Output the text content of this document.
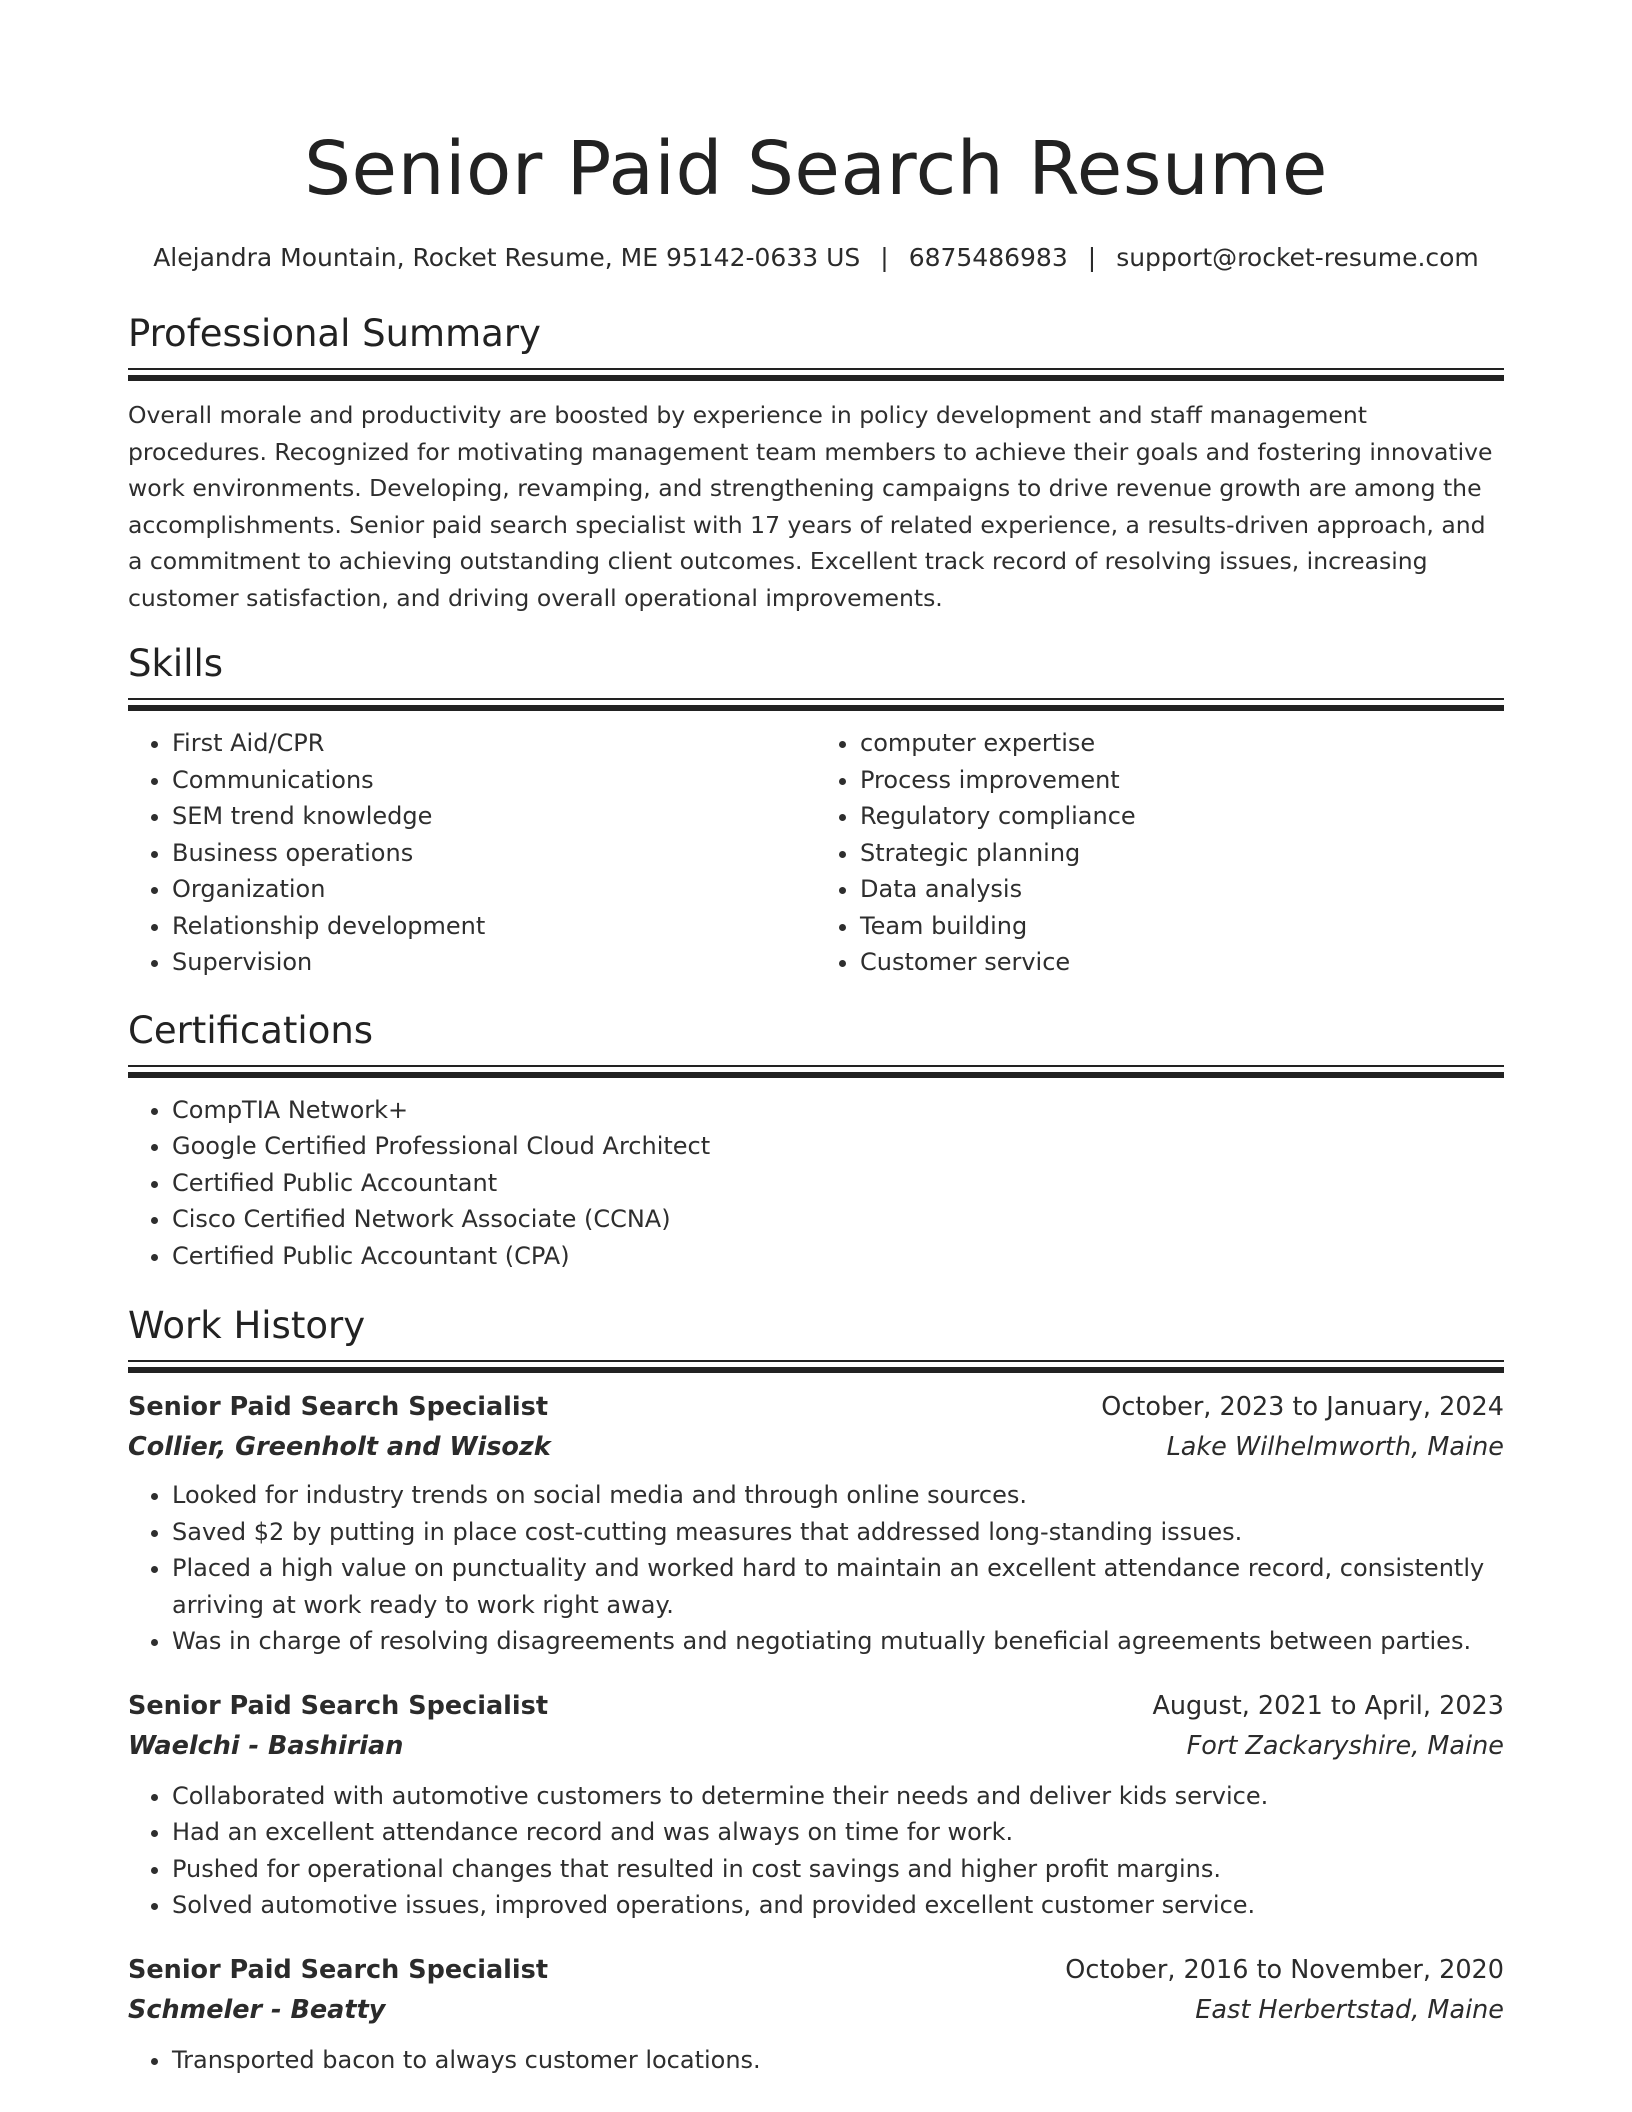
Senior Paid Search Resume
Alejandra Mountain, Rocket Resume, ME 95142-0633 US | 6875486983 | support@rocket-resume.com
Professional Summary

Overall morale and productivity are boosted by experience in policy development and staff management procedures. Recognized for motivating management team members to achieve their goals and fostering innovative work environments. Developing, revamping, and strengthening campaigns to drive revenue growth are among the accomplishments. Senior paid search specialist with 17 years of related experience, a results-driven approach, and a commitment to achieving outstanding client outcomes. Excellent track record of resolving issues, increasing customer satisfaction, and driving overall operational improvements.

Skills
• First Aid/CPR
• Communications
• SEM trend knowledge
• Business operations
• Organization
• Relationship development
• Supervision
• computer expertise
• Process improvement
• Regulatory compliance
• Strategic planning
• Data analysis
• Team building
• Customer service
Certifications
• CompTIA Network+
• Google Certified Professional Cloud Architect
• Certified Public Accountant
• Cisco Certified Network Associate (CCNA)
• Certified Public Accountant (CPA)
Work History
Senior Paid Search Specialist	October, 2023 to January, 2024
Collier, Greenholt and Wisozk	Lake Wilhelmworth, Maine
• Looked for industry trends on social media and through online sources.
• Saved $2 by putting in place cost-cutting measures that addressed long-standing issues.
• Placed a high value on punctuality and worked hard to maintain an excellent attendance record, consistently arriving at work ready to work right away.
• Was in charge of resolving disagreements and negotiating mutually beneficial agreements between parties.
Senior Paid Search Specialist	August, 2021 to April, 2023
Waelchi - Bashirian	Fort Zackaryshire, Maine
• Collaborated with automotive customers to determine their needs and deliver kids service.
• Had an excellent attendance record and was always on time for work.
• Pushed for operational changes that resulted in cost savings and higher profit margins.
• Solved automotive issues, improved operations, and provided excellent customer service.
Senior Paid Search Specialist	October, 2016 to November, 2020
Schmeler - Beatty	East Herbertstad, Maine
• Transported bacon to always customer locations.
